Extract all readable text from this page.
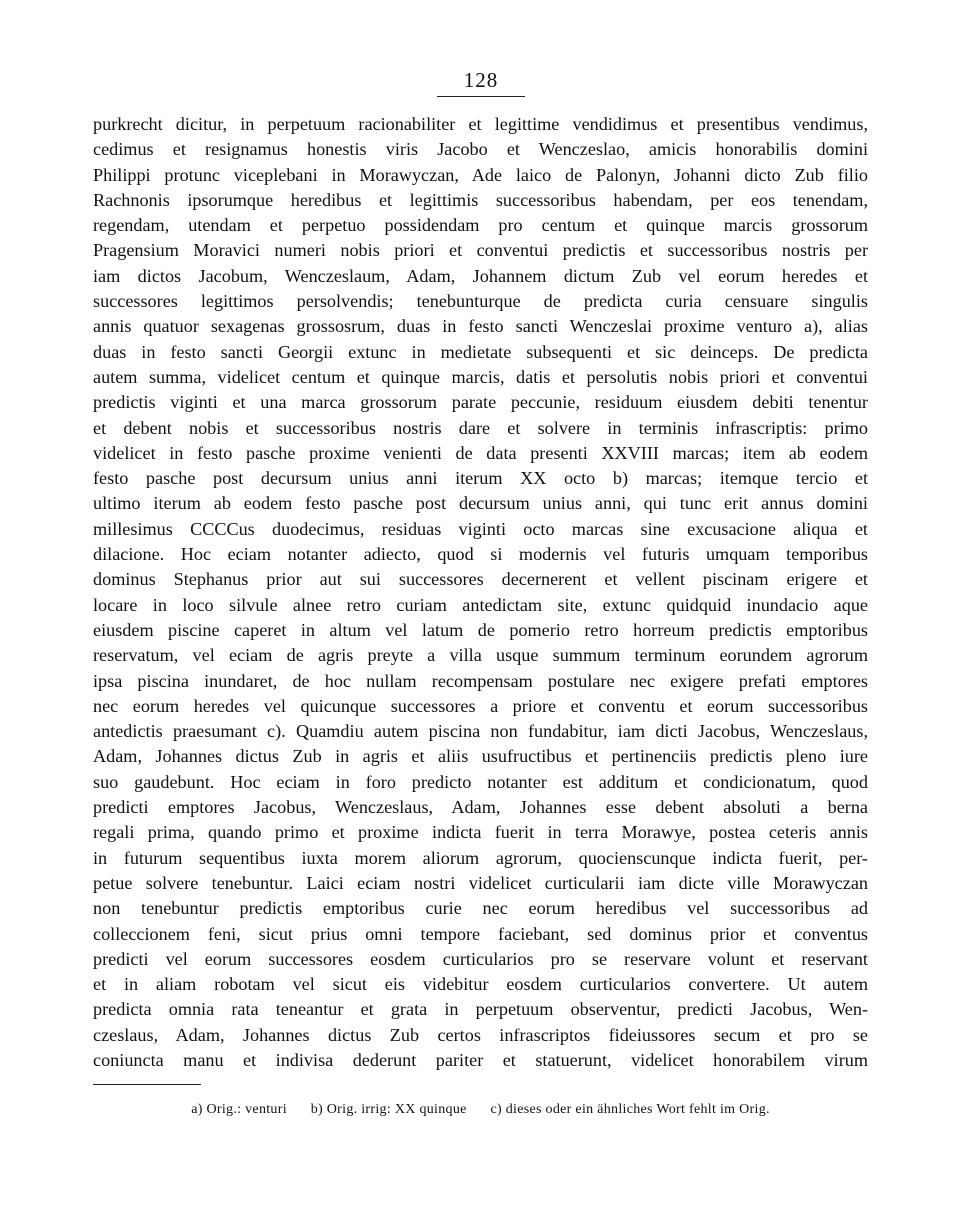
128
purkrecht dicitur, in perpetuum racionabiliter et legittime vendidimus et presentibus vendimus,
cedimus et resignamus honestis viris Jacobo et Wenczeslao, amicis honorabilis domini
Philippi protunc viceplebani in Morawyczan, Ade laico de Palonyn, Johanni dicto Zub filio
Rachnonis ipsorumque heredibus et legittimis successoribus habendam, per eos tenendam,
regendam, utendam et perpetuo possidendam pro centum et quinque marcis grossorum
Pragensium Moravici numeri nobis priori et conventui predictis et successoribus nostris per
iam dictos Jacobum, Wenczeslaum, Adam, Johannem dictum Zub vel eorum heredes et
successores legittimos persolvendis; tenebunturque de predicta curia censuare singulis
annis quatuor sexagenas grossosrum, duas in festo sancti Wenczeslai proxime venturo a), alias
duas in festo sancti Georgii extunc in medietate subsequenti et sic deinceps. De predicta
autem summa, videlicet centum et quinque marcis, datis et persolutis nobis priori et conventui
predictis viginti et una marca grossorum parate peccunie, residuum eiusdem debiti tenentur
et debent nobis et successoribus nostris dare et solvere in terminis infrascriptis: primo
videlicet in festo pasche proxime venienti de data presenti XXVIII marcas; item ab eodem
festo pasche post decursum unius anni iterum XX octo b) marcas; itemque tercio et
ultimo iterum ab eodem festo pasche post decursum unius anni, qui tunc erit annus domini
millesimus CCCCus duodecimus, residuas viginti octo marcas sine excusacione aliqua et
dilacione. Hoc eciam notanter adiecto, quod si modernis vel futuris umquam temporibus
dominus Stephanus prior aut sui successores decernerent et vellent piscinam erigere et
locare in loco silvule alnee retro curiam antedictam site, extunc quidquid inundacio aque
eiusdem piscine caperet in altum vel latum de pomerio retro horreum predictis emptoribus
reservatum, vel eciam de agris preyte a villa usque summum terminum eorundem agrorum
ipsa piscina inundaret, de hoc nullam recompensam postulare nec exigere prefati emptores
nec eorum heredes vel quicunque successores a priore et conventu et eorum successoribus
antedictis praesumant c). Quamdiu autem piscina non fundabitur, iam dicti Jacobus, Wenczeslaus,
Adam, Johannes dictus Zub in agris et aliis usufructibus et pertinenciis predictis pleno iure
suo gaudebunt. Hoc eciam in foro predicto notanter est additum et condicionatum, quod
predicti emptores Jacobus, Wenczeslaus, Adam, Johannes esse debent absoluti a berna
regali prima, quando primo et proxime indicta fuerit in terra Morawye, postea ceteris annis
in futurum sequentibus iuxta morem aliorum agrorum, quocienscunque indicta fuerit, per-
petue solvere tenebuntur. Laici eciam nostri videlicet curticularii iam dicte ville Morawyczan
non tenebuntur predictis emptoribus curie nec eorum heredibus vel successoribus ad
colleccionem feni, sicut prius omni tempore faciebant, sed dominus prior et conventus
predicti vel eorum successores eosdem curticularios pro se reservare volunt et reservant
et in aliam robotam vel sicut eis videbitur eosdem curticularios convertere. Ut autem
predicta omnia rata teneantur et grata in perpetuum observentur, predicti Jacobus, Wen-
czeslaus, Adam, Johannes dictus Zub certos infrascriptos fideiussores secum et pro se
coniuncta manu et indivisa dederunt pariter et statuerunt, videlicet honorabilem virum
a) Orig.: venturi b) Orig. irrig: XX quinque c) dieses oder ein ähnliches Wort fehlt im Orig.
